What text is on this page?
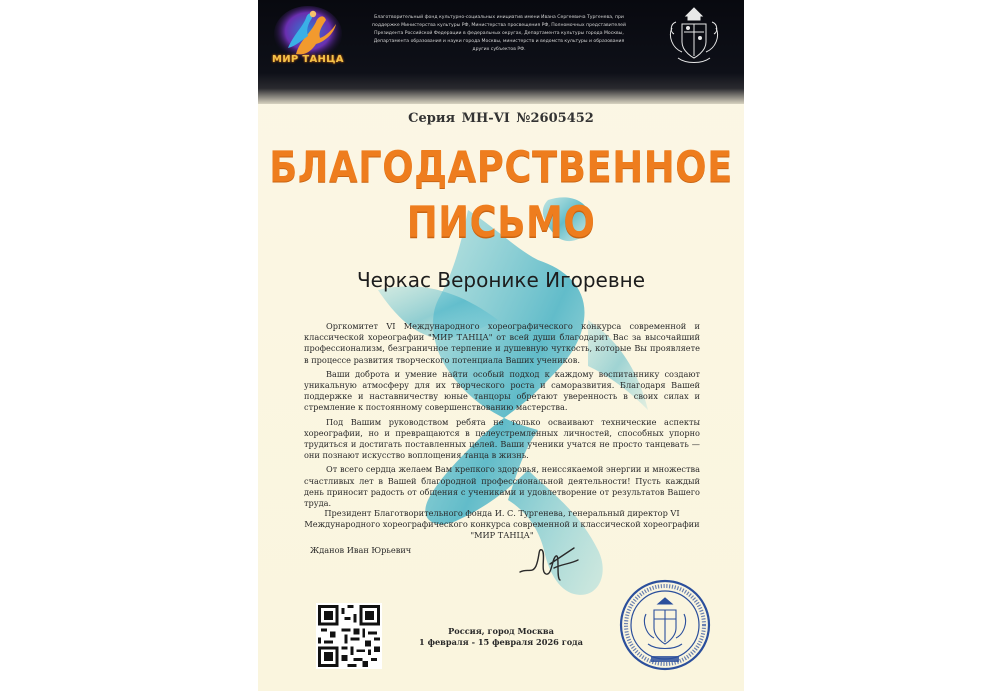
МИР ТАНЦА
Благотворительный фонд культурно-социальных инициатив имени Ивана Сергеевича Тургенева, при поддержке Министерства культуры РФ, Министерства просвещения РФ, Полномочных представителей Президента Российской Федерации в федеральных округах, Департамента культуры города Москвы, Департамента образования и науки города Москвы, министерств и ведомств культуры и образования других субъектов РФ.
Серия МН-VI №2605452
БЛАГОДАРСТВЕННОЕ
ПИСЬМО
Черкас Веронике Игоревне

Оргкомитет VI Международного хореографического конкурса современной и классической хореографии "МИР ТАНЦА" от всей души благодарит Вас за высочайший профессионализм, безграничное терпение и душевную чуткость, которые Вы проявляете в процессе развития творческого потенциала Ваших учеников.

Ваши доброта и умение найти особый подход к каждому воспитаннику создают уникальную атмосферу для их творческого роста и саморазвития. Благодаря Вашей поддержке и наставничеству юные танцоры обретают уверенность в своих силах и стремление к постоянному совершенствованию мастерства.

Под Вашим руководством ребята не только осваивают технические аспекты хореографии, но и превращаются в целеустремленных личностей, способных упорно трудиться и достигать поставленных целей. Ваши ученики учатся не просто танцевать — они познают искусство воплощения танца в жизнь.

От всего сердца желаем Вам крепкого здоровья, неиссякаемой энергии и множества счастливых лет в Вашей благородной профессиональной деятельности! Пусть каждый день приносит радость от общения с учениками и удовлетворение от результатов Вашего труда.

Президент Благотворительного фонда И. С. Тургенева, генеральный директор VI Международного хореографического конкурса современной и классической хореографии "МИР ТАНЦА"
Жданов Иван Юрьевич
Россия, город Москва
1 февраля - 15 февраля 2026 года
